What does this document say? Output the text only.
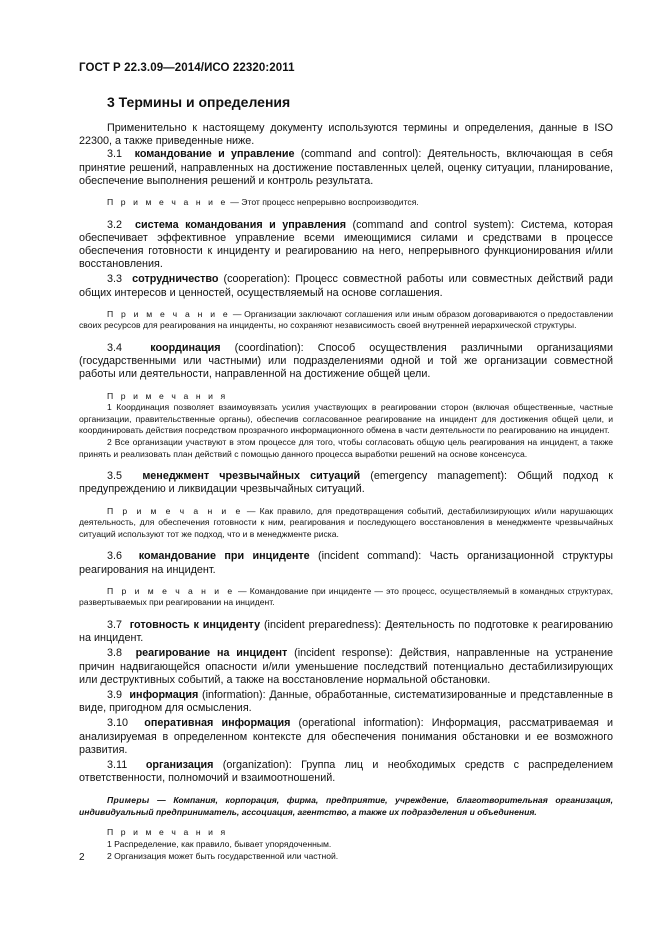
ГОСТ Р 22.3.09—2014/ИСО 22320:2011
3 Термины и определения

Применительно к настоящему документу используются термины и определения, данные в ISO 22300, а также приведенные ниже.

3.1 командование и управление (command and control): Деятельность, включающая в себя принятие решений, направленных на достижение поставленных целей, оценку ситуации, планирование, обеспечение выполнения решений и контроль результата.

П р и м е ч а н и е — Этот процесс непрерывно воспроизводится.

3.2 система командования и управления (command and control system): Система, которая обеспечивает эффективное управление всеми имеющимися силами и средствами в процессе обеспечения готовности к инциденту и реагированию на него, непрерывного функционирования и/или восстановления.

3.3 сотрудничество (cooperation): Процесс совместной работы или совместных действий ради общих интересов и ценностей, осуществляемый на основе соглашения.

П р и м е ч а н и е — Организации заключают соглашения или иным образом договариваются о предоставлении своих ресурсов для реагирования на инциденты, но сохраняют независимость своей внутренней иерархической структуры.

3.4	координация (coordination): Способ осуществления различными организациями (государственными или частными) или подразделениями одной и той же организации совместной работы или деятельности, направленной на достижение общей цели.

П р и м е ч а н и я

1 Координация позволяет взаимоувязать усилия участвующих в реагировании сторон (включая общественные, частные организации, правительственные органы), обеспечив согласованное реагирование на инцидент для достижения общей цели, и координировать действия посредством прозрачного информационного обмена в части деятельности по реагированию на инцидент.

2 Все организации участвуют в этом процессе для того, чтобы согласовать общую цель реагирования на инцидент, а также принять и реализовать план действий с помощью данного процесса выработки решений на основе консенсуса.

3.5 менеджмент чрезвычайных ситуаций (emergency management): Общий подход к предупреждению и ликвидации чрезвычайных ситуаций.

П р и м е ч а н и е — Как правило, для предотвращения событий, дестабилизирующих и/или нарушающих деятельность, для обеспечения готовности к ним, реагирования и последующего восстановления в менеджменте чрезвычайных ситуаций используют тот же подход, что и в менеджменте риска.

3.6 командование при инциденте (incident command): Часть организационной структуры реагирования на инцидент.

П р и м е ч а н и е — Командование при инциденте — это процесс, осуществляемый в командных структурах, развертываемых при реагировании на инцидент.

3.7 готовность к инциденту (incident preparedness): Деятельность по подготовке к реагированию на инцидент.

3.8 реагирование на инцидент (incident response): Действия, направленные на устранение причин надвигающейся опасности и/или уменьшение последствий потенциально дестабилизирующих или деструктивных событий, а также на восстановление нормальной обстановки.

3.9 информация (information): Данные, обработанные, систематизированные и представленные в виде, пригодном для осмысления.

3.10 оперативная информация (operational information): Информация, рассматриваемая и анализируемая в определенном контексте для обеспечения понимания обстановки и ее возможного развития.

3.11 организация (organization): Группа лиц и необходимых средств с распределением ответственности, полномочий и взаимоотношений.

Примеры — Компания, корпорация, фирма, предприятие, учреждение, благотворительная организация, индивидуальный предприниматель, ассоциация, агентство, а также их подразделения и объединения.

П р и м е ч а н и я

1 Распределение, как правило, бывает упорядоченным.

2 Организация может быть государственной или частной.

2
